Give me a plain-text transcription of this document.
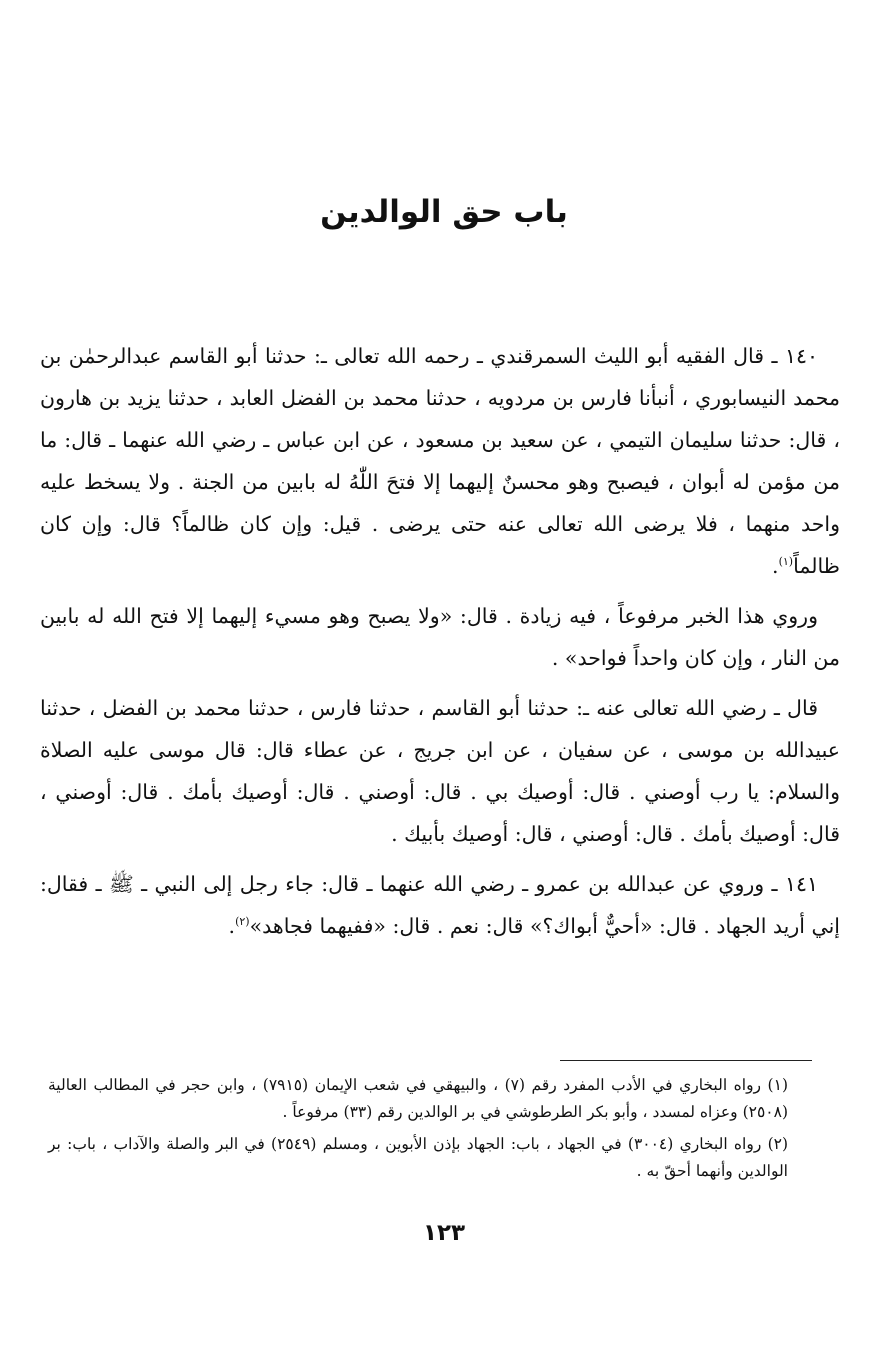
باب حق الوالدين

١٤٠ ـ قال الفقيه أبو الليث السمرقندي ـ رحمه الله تعالى ـ: حدثنا أبو القاسم عبدالرحمٰن بن محمد النيسابوري ، أنبأنا فارس بن مردويه ، حدثنا محمد بن الفضل العابد ، حدثنا يزيد بن هارون ، قال: حدثنا سليمان التيمي ، عن سعيد بن مسعود ، عن ابن عباس ـ رضي الله عنهما ـ قال: ما من مؤمن له أبوان ، فيصبح وهو محسنٌ إليهما إلا فتحَ اللّٰهُ له بابين من الجنة . ولا يسخط عليه واحد منهما ، فلا يرضى الله تعالى عنه حتى يرضى . قيل: وإن كان ظالماً؟ قال: وإن كان ظالماً$^{(١)}$.

وروي هذا الخبر مرفوعاً ، فيه زيادة . قال: «ولا يصبح وهو مسيء إليهما إلا فتح الله له بابين من النار ، وإن كان واحداً فواحد» .

قال ـ رضي الله تعالى عنه ـ: حدثنا أبو القاسم ، حدثنا فارس ، حدثنا محمد بن الفضل ، حدثنا عبيدالله بن موسى ، عن سفيان ، عن ابن جريج ، عن عطاء قال: قال موسى عليه الصلاة والسلام: يا رب أوصني . قال: أوصيك بي . قال: أوصني . قال: أوصيك بأمك . قال: أوصني ، قال: أوصيك بأمك . قال: أوصني ، قال: أوصيك بأبيك .

١٤١ ـ وروي عن عبدالله بن عمرو ـ رضي الله عنهما ـ قال: جاء رجل إلى النبي ـ ﷺ ـ فقال: إني أريد الجهاد . قال: «أحيٌّ أبواك؟» قال: نعم . قال: «ففيهما فجاهد»$^{(٢)}$.

(١) رواه البخاري في الأدب المفرد رقم (٧) ، والبيهقي في شعب الإيمان (٧٩١٥) ، وابن حجر في المطالب العالية (٢٥٠٨) وعزاه لمسدد ، وأبو بكر الطرطوشي في بر الوالدين رقم (٣٣) مرفوعاً .

(٢) رواه البخاري (٣٠٠٤) في الجهاد ، باب: الجهاد بإذن الأبوين ، ومسلم (٢٥٤٩) في البر والصلة والآداب ، باب: بر الوالدين وأنهما أحقّ به .

١٢٣
